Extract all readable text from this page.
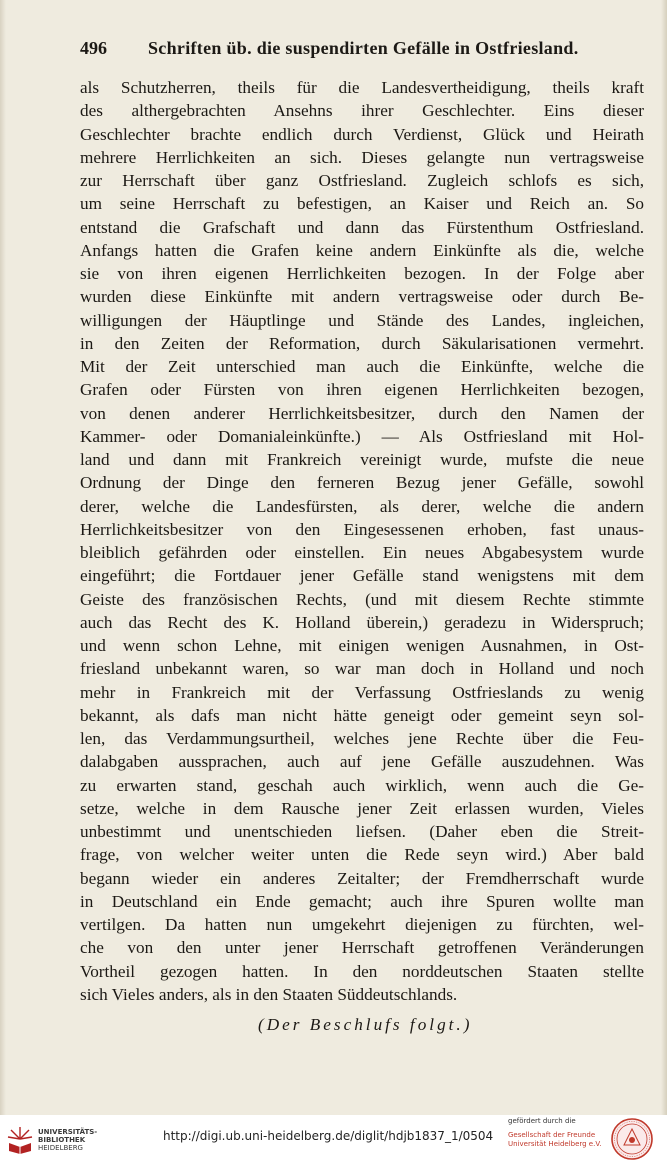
496 Schriften üb. die suspendirten Gefälle in Ostfriesland.
als Schutzherren, theils für die Landesvertheidigung, theils kraft
des althergebrachten Ansehns ihrer Geschlechter. Eins dieser
Geschlechter brachte endlich durch Verdienst, Glück und Heirath
mehrere Herrlichkeiten an sich. Dieses gelangte nun vertragsweise
zur Herrschaft über ganz Ostfriesland. Zugleich schlofs es sich,
um seine Herrschaft zu befestigen, an Kaiser und Reich an. So
entstand die Grafschaft und dann das Fürstenthum Ostfriesland.
Anfangs hatten die Grafen keine andern Einkünfte als die, welche
sie von ihren eigenen Herrlichkeiten bezogen. In der Folge aber
wurden diese Einkünfte mit andern vertragsweise oder durch Be-
willigungen der Häuptlinge und Stände des Landes, ingleichen,
in den Zeiten der Reformation, durch Säkularisationen vermehrt.
Mit der Zeit unterschied man auch die Einkünfte, welche die
Grafen oder Fürsten von ihren eigenen Herrlichkeiten bezogen,
von denen anderer Herrlichkeitsbesitzer, durch den Namen der
Kammer- oder Domanialeinkünfte.) — Als Ostfriesland mit Hol-
land und dann mit Frankreich vereinigt wurde, mufste die neue
Ordnung der Dinge den ferneren Bezug jener Gefälle, sowohl
derer, welche die Landesfürsten, als derer, welche die andern
Herrlichkeitsbesitzer von den Eingesessenen erhoben, fast unaus-
bleiblich gefährden oder einstellen. Ein neues Abgabesystem wurde
eingeführt; die Fortdauer jener Gefälle stand wenigstens mit dem
Geiste des französischen Rechts, (und mit diesem Rechte stimmte
auch das Recht des K. Holland überein,) geradezu in Widerspruch;
und wenn schon Lehne, mit einigen wenigen Ausnahmen, in Ost-
friesland unbekannt waren, so war man doch in Holland und noch
mehr in Frankreich mit der Verfassung Ostfrieslands zu wenig
bekannt, als dafs man nicht hätte geneigt oder gemeint seyn sol-
len, das Verdammungsurtheil, welches jene Rechte über die Feu-
dalabgaben aussprachen, auch auf jene Gefälle auszudehnen. Was
zu erwarten stand, geschah auch wirklich, wenn auch die Ge-
setze, welche in dem Rausche jener Zeit erlassen wurden, Vieles
unbestimmt und unentschieden liefsen. (Daher eben die Streit-
frage, von welcher weiter unten die Rede seyn wird.) Aber bald
begann wieder ein anderes Zeitalter; der Fremdherrschaft wurde
in Deutschland ein Ende gemacht; auch ihre Spuren wollte man
vertilgen. Da hatten nun umgekehrt diejenigen zu fürchten, wel-
che von den unter jener Herrschaft getroffenen Veränderungen
Vortheil gezogen hatten. In den norddeutschen Staaten stellte
sich Vieles anders, als in den Staaten Süddeutschlands.
(Der Beschlufs folgt.)
UNIVERSITÄTS-
BIBLIOTHEK
HEIDELBERG
http://digi.ub.uni-heidelberg.de/diglit/hdjb1837_1/0504
gefördert durch die
Gesellschaft der Freunde
Universität Heidelberg e.V.
